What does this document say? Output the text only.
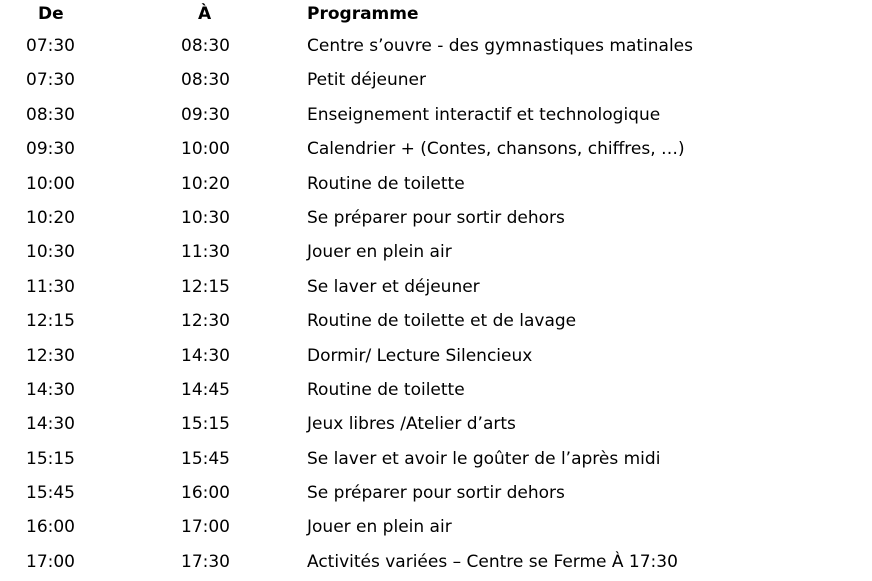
De	À	Programme
07:30	08:30	Centre s’ouvre - des gymnastiques matinales
07:30	08:30	Petit déjeuner
08:30	09:30	Enseignement interactif et technologique
09:30	10:00	Calendrier + (Contes, chansons, chiffres, …)
10:00	10:20	Routine de toilette
10:20	10:30	Se préparer pour sortir dehors
10:30	11:30	Jouer en plein air
11:30	12:15	Se laver et déjeuner
12:15	12:30	Routine de toilette et de lavage
12:30	14:30	Dormir/ Lecture Silencieux
14:30	14:45	Routine de toilette
14:30	15:15	Jeux libres /Atelier d’arts
15:15	15:45	Se laver et avoir le goûter de l’après midi
15:45	16:00	Se préparer pour sortir dehors
16:00	17:00	Jouer en plein air
17:00	17:30	Activités variées – Centre se Ferme À 17:30
